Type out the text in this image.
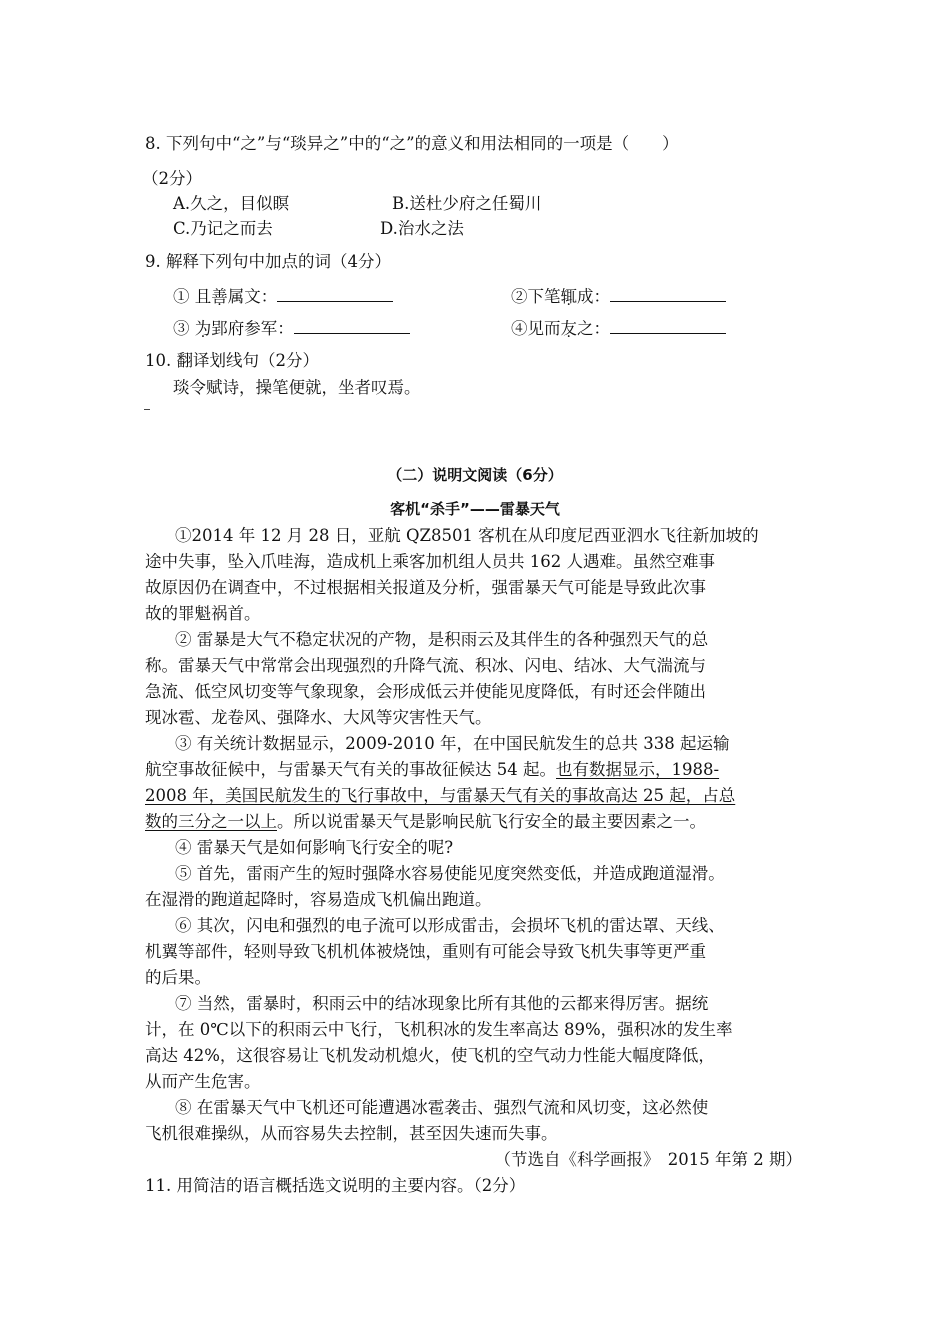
8. 下列句中“之”与“琰异之”中的“之”的意义和用法相同的一项是（　　）
（2分）
A.久之，目似瞑	B.送杜少府之任蜀川
C.乃记之而去	D.治水之法
9. 解释下列句中加点的词（4分）
① 且善属文：	②下笔辄成：
③ 为郢府参军：	④见而友之：
10. 翻译划线句（2分）
琰令赋诗，操笔便就，坐者叹焉。
（二）说明文阅读（6分）
客机“杀手”——雷暴天气
①2014 年 12 月 28 日，亚航 QZ8501 客机在从印度尼西亚泗水飞往新加坡的
途中失事，坠入爪哇海，造成机上乘客加机组人员共 162 人遇难。虽然空难事
故原因仍在调查中，不过根据相关报道及分析，强雷暴天气可能是导致此次事
故的罪魁祸首。
② 雷暴是大气不稳定状况的产物，是积雨云及其伴生的各种强烈天气的总
称。雷暴天气中常常会出现强烈的升降气流、积冰、闪电、结冰、大气湍流与
急流、低空风切变等气象现象，会形成低云并使能见度降低，有时还会伴随出
现冰雹、龙卷风、强降水、大风等灾害性天气。
③ 有关统计数据显示，2009-2010 年，在中国民航发生的总共 338 起运输
航空事故征候中，与雷暴天气有关的事故征候达 54 起。也有数据显示，1988-
2008 年，美国民航发生的飞行事故中，与雷暴天气有关的事故高达 25 起，占总
数的三分之一以上。所以说雷暴天气是影响民航飞行安全的最主要因素之一。
④ 雷暴天气是如何影响飞行安全的呢?
⑤ 首先，雷雨产生的短时强降水容易使能见度突然变低，并造成跑道湿滑。
在湿滑的跑道起降时，容易造成飞机偏出跑道。
⑥ 其次，闪电和强烈的电子流可以形成雷击，会损坏飞机的雷达罩、天线、
机翼等部件，轻则导致飞机机体被烧蚀，重则有可能会导致飞机失事等更严重
的后果。
⑦ 当然，雷暴时，积雨云中的结冰现象比所有其他的云都来得厉害。据统
计，在 0℃以下的积雨云中飞行，飞机积冰的发生率高达 89%，强积冰的发生率
高达 42%，这很容易让飞机发动机熄火，使飞机的空气动力性能大幅度降低，
从而产生危害。
⑧ 在雷暴天气中飞机还可能遭遇冰雹袭击、强烈气流和风切变，这必然使
飞机很难操纵，从而容易失去控制，甚至因失速而失事。
（节选自《科学画报》　2015 年第 2 期）
11. 用简洁的语言概括选文说明的主要内容。（2分）
